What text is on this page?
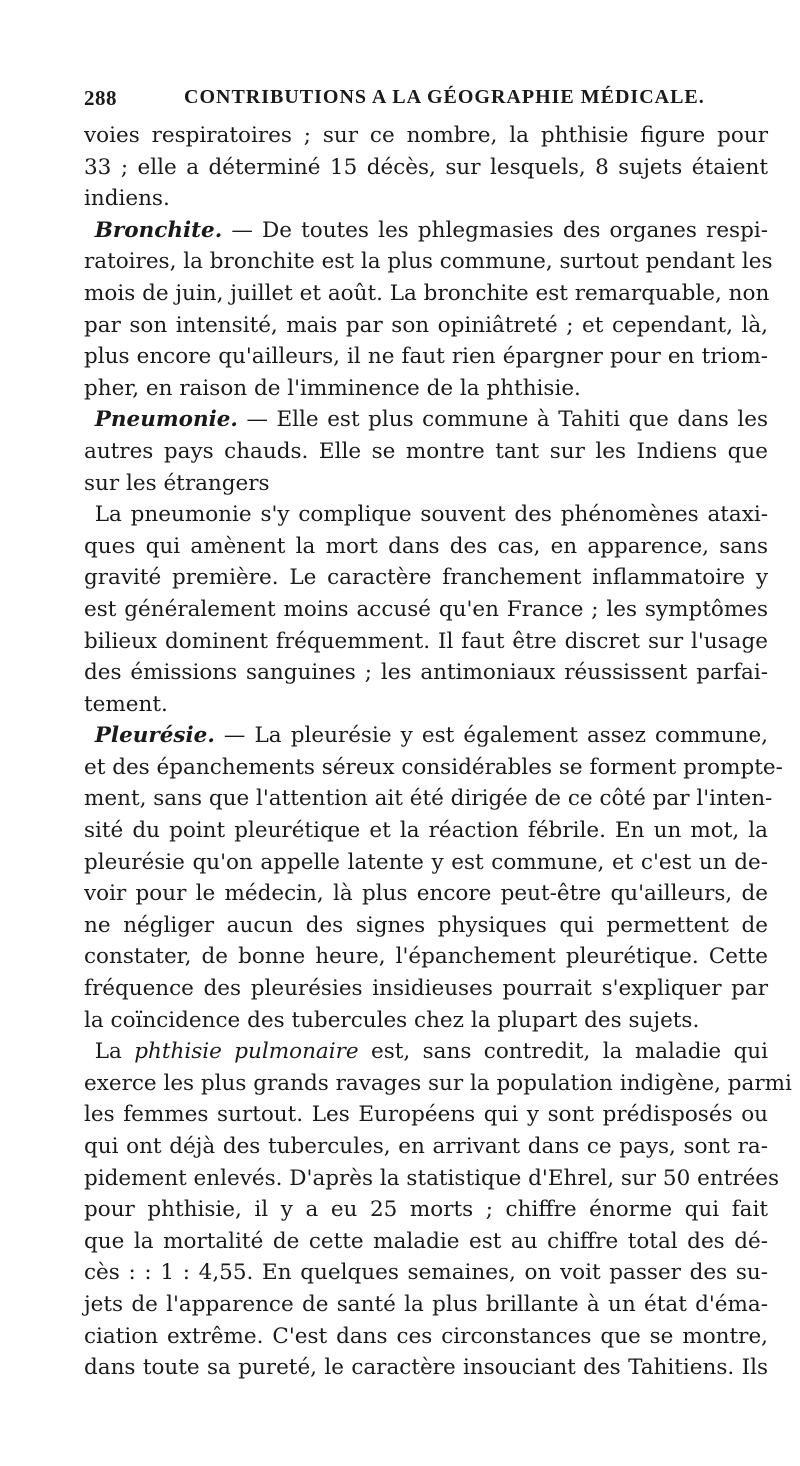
288	CONTRIBUTIONS A LA GÉOGRAPHIE MÉDICALE.

voies respiratoires ; sur ce nombre, la phthisie figure pour
33 ; elle a déterminé 15 décès, sur lesquels, 8 sujets étaient
indiens.

 Bronchite. — De toutes les phlegmasies des organes respi-
ratoires, la bronchite est la plus commune, surtout pendant les
mois de juin, juillet et août. La bronchite est remarquable, non
par son intensité, mais par son opiniâtreté ; et cependant, là,
plus encore qu'ailleurs, il ne faut rien épargner pour en triom-
pher, en raison de l'imminence de la phthisie.

 Pneumonie. — Elle est plus commune à Tahiti que dans les
autres pays chauds. Elle se montre tant sur les Indiens que
sur les étrangers

 La pneumonie s'y complique souvent des phénomènes ataxi-
ques qui amènent la mort dans des cas, en apparence, sans
gravité première. Le caractère franchement inflammatoire y
est généralement moins accusé qu'en France ; les symptômes
bilieux dominent fréquemment. Il faut être discret sur l'usage
des émissions sanguines ; les antimoniaux réussissent parfai-
tement.

 Pleurésie. — La pleurésie y est également assez commune,
et des épanchements séreux considérables se forment prompte-
ment, sans que l'attention ait été dirigée de ce côté par l'inten-
sité du point pleurétique et la réaction fébrile. En un mot, la
pleurésie qu'on appelle latente y est commune, et c'est un de-
voir pour le médecin, là plus encore peut-être qu'ailleurs, de
ne négliger aucun des signes physiques qui permettent de
constater, de bonne heure, l'épanchement pleurétique. Cette
fréquence des pleurésies insidieuses pourrait s'expliquer par
la coïncidence des tubercules chez la plupart des sujets.

 La phthisie pulmonaire est, sans contredit, la maladie qui
exerce les plus grands ravages sur la population indigène, parmi
les femmes surtout. Les Européens qui y sont prédisposés ou
qui ont déjà des tubercules, en arrivant dans ce pays, sont ra-
pidement enlevés. D'après la statistique d'Ehrel, sur 50 entrées
pour phthisie, il y a eu 25 morts ; chiffre énorme qui fait
que la mortalité de cette maladie est au chiffre total des dé-
cès : : 1 : 4,55. En quelques semaines, on voit passer des su-
jets de l'apparence de santé la plus brillante à un état d'éma-
ciation extrême. C'est dans ces circonstances que se montre,
dans toute sa pureté, le caractère insouciant des Tahitiens. Ils
